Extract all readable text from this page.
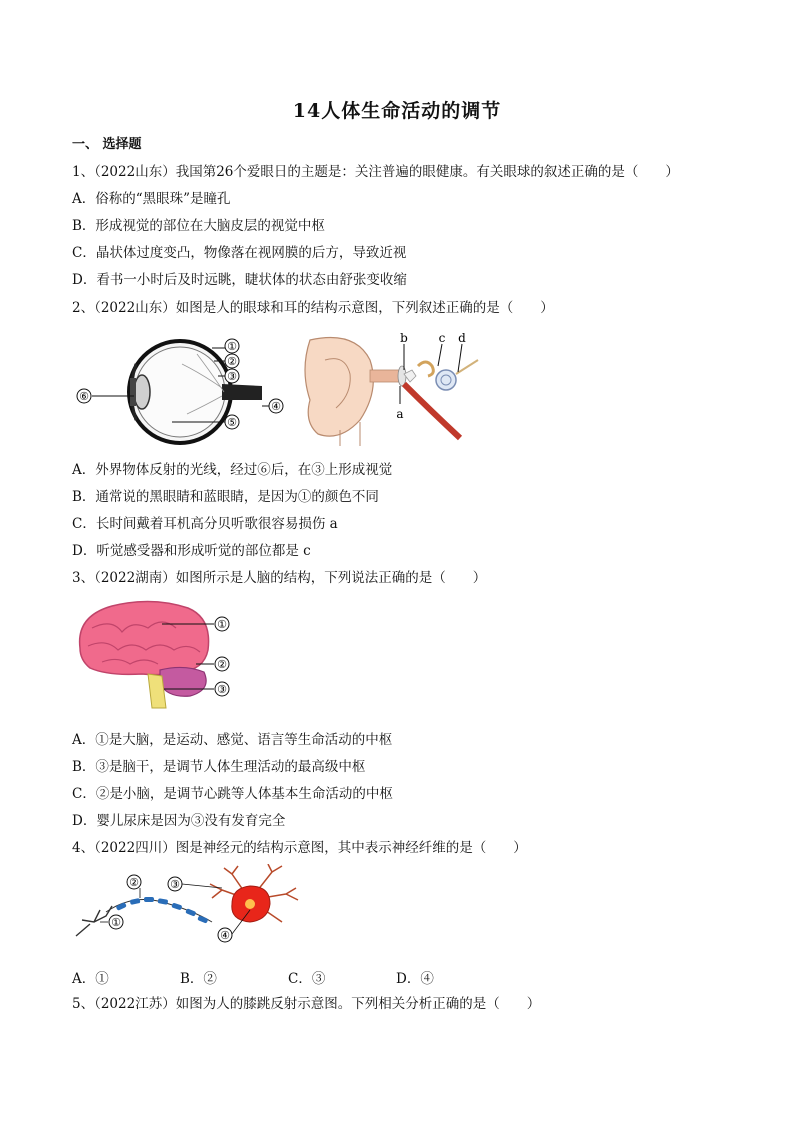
14人体生命活动的调节
一、 选择题
1、（2022山东）我国第26个爱眼日的主题是：关注普遍的眼健康。有关眼球的叙述正确的是（　　）
A．俗称的“黑眼珠”是瞳孔
B．形成视觉的部位在大脑皮层的视觉中枢
C．晶状体过度变凸，物像落在视网膜的后方，导致近视
D．看书一小时后及时远眺，睫状体的状态由舒张变收缩
2、（2022山东）如图是人的眼球和耳的结构示意图，下列叙述正确的是（　　）
⑥
①
②
③
④
⑤
b	c d
a
A．外界物体反射的光线，经过⑥后，在③上形成视觉
B．通常说的黑眼睛和蓝眼睛，是因为①的颜色不同
C．长时间戴着耳机高分贝听歌很容易损伤 a
D．听觉感受器和形成听觉的部位都是 c
3、（2022湖南）如图所示是人脑的结构，下列说法正确的是（　　）
①
②
③
A．①是大脑，是运动、感觉、语言等生命活动的中枢
B．③是脑干，是调节人体生理活动的最高级中枢
C．②是小脑，是调节心跳等人体基本生命活动的中枢
D．婴儿尿床是因为③没有发育完全
4、（2022四川）图是神经元的结构示意图，其中表示神经纤维的是（　　）
②	③
①
④
A．①	B．②	C．③	D．④
5、（2022江苏）如图为人的膝跳反射示意图。下列相关分析正确的是（　　）
